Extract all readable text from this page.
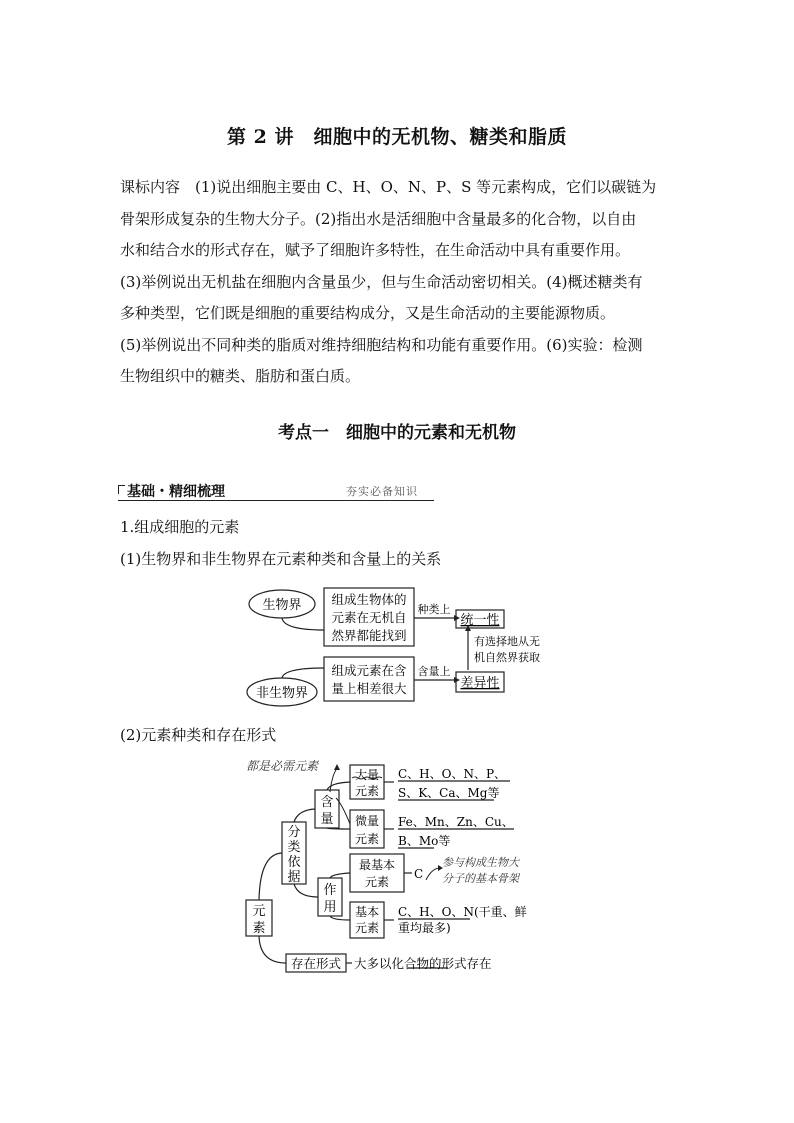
第 2 讲　细胞中的无机物、糖类和脂质
课标内容　(1)说出细胞主要由 C、H、O、N、P、S 等元素构成，它们以碳链为
骨架形成复杂的生物大分子。(2)指出水是活细胞中含量最多的化合物，以自由
水和结合水的形式存在，赋予了细胞许多特性，在生命活动中具有重要作用。
(3)举例说出无机盐在细胞内含量虽少，但与生命活动密切相关。(4)概述糖类有
多种类型，它们既是细胞的重要结构成分，又是生命活动的主要能源物质。
(5)举例说出不同种类的脂质对维持细胞结构和功能有重要作用。(6)实验：检测
生物组织中的糖类、脂肪和蛋白质。
考点一　细胞中的元素和无机物
基础・精细梳理	夯实必备知识
1.组成细胞的元素
(1)生物界和非生物界在元素种类和含量上的关系
生物界
非生物界
组成生物体的
元素在无机自
然界都能找到
种类上
统一性
有选择地从无
机自然界获取
组成元素在含
量上相差很大
含量上
差异性
(2)元素种类和存在形式
都是必需元素
元
素
分
类
依
据
含
量
作
用
大量
元素
C、H、O、N、P、
S、K、Ca、Mg等
微量
元素
Fe、Mn、Zn、Cu、
B、Mo等
最基本
元素
C
参与构成生物大
分子的基本骨架
基本
元素
C、H、O、N(干重、鲜
重均最多)
存在形式 大多以化合物的形式存在
